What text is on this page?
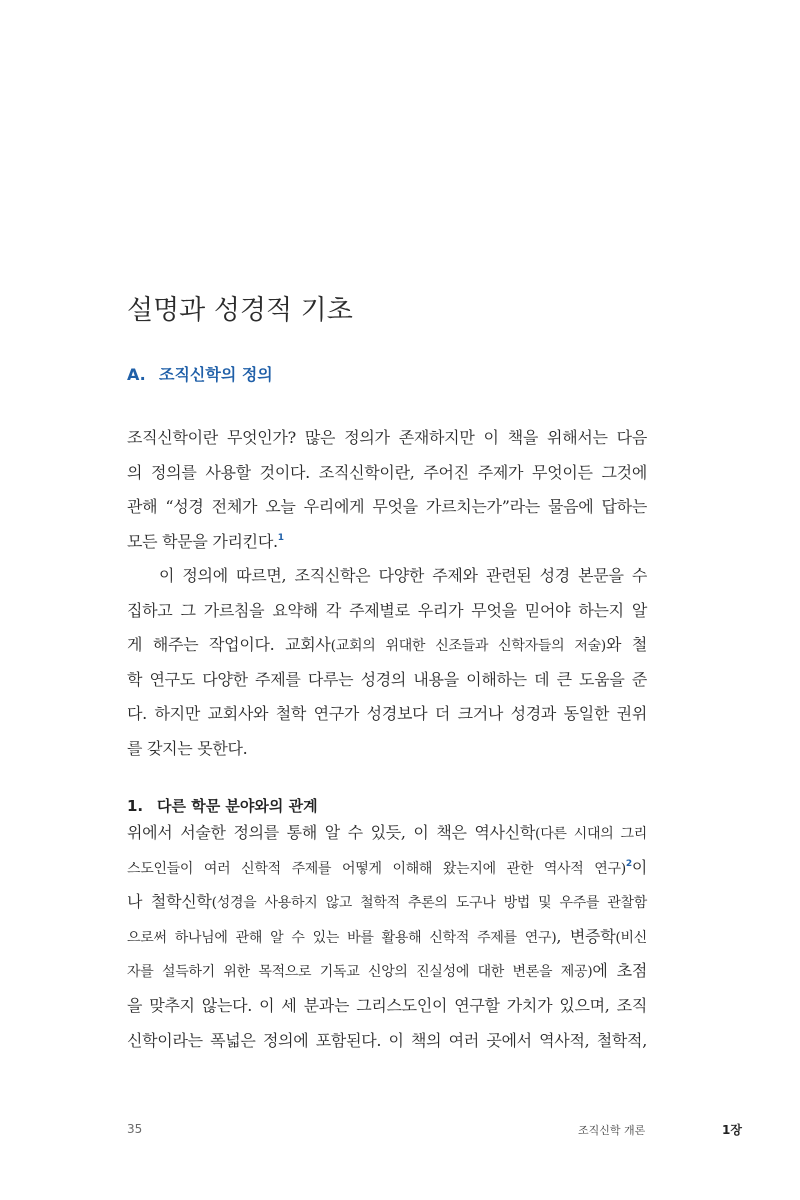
설명과 성경적 기초
A. 조직신학의 정의
조직신학이란 무엇인가? 많은 정의가 존재하지만 이 책을 위해서는 다음
의 정의를 사용할 것이다. 조직신학이란, 주어진 주제가 무엇이든 그것에
관해 “성경 전체가 오늘 우리에게 무엇을 가르치는가”라는 물음에 답하는
모든 학문을 가리킨다.$^1$
이 정의에 따르면, 조직신학은 다양한 주제와 관련된 성경 본문을 수
집하고 그 가르침을 요약해 각 주제별로 우리가 무엇을 믿어야 하는지 알
게 해주는 작업이다. 교회사(교회의 위대한 신조들과 신학자들의 저술)와 철
학 연구도 다양한 주제를 다루는 성경의 내용을 이해하는 데 큰 도움을 준
다. 하지만 교회사와 철학 연구가 성경보다 더 크거나 성경과 동일한 권위
를 갖지는 못한다.
1. 다른 학문 분야와의 관계
위에서 서술한 정의를 통해 알 수 있듯, 이 책은 역사신학(다른 시대의 그리
스도인들이 여러 신학적 주제를 어떻게 이해해 왔는지에 관한 역사적 연구)$^2$이
나 철학신학(성경을 사용하지 않고 철학적 추론의 도구나 방법 및 우주를 관찰함
으로써 하나님에 관해 알 수 있는 바를 활용해 신학적 주제를 연구), 변증학(비신
자를 설득하기 위한 목적으로 기독교 신앙의 진실성에 대한 변론을 제공)에 초점
을 맞추지 않는다. 이 세 분과는 그리스도인이 연구할 가치가 있으며, 조직
신학이라는 폭넓은 정의에 포함된다. 이 책의 여러 곳에서 역사적, 철학적,
35	조직신학 개론	1장
